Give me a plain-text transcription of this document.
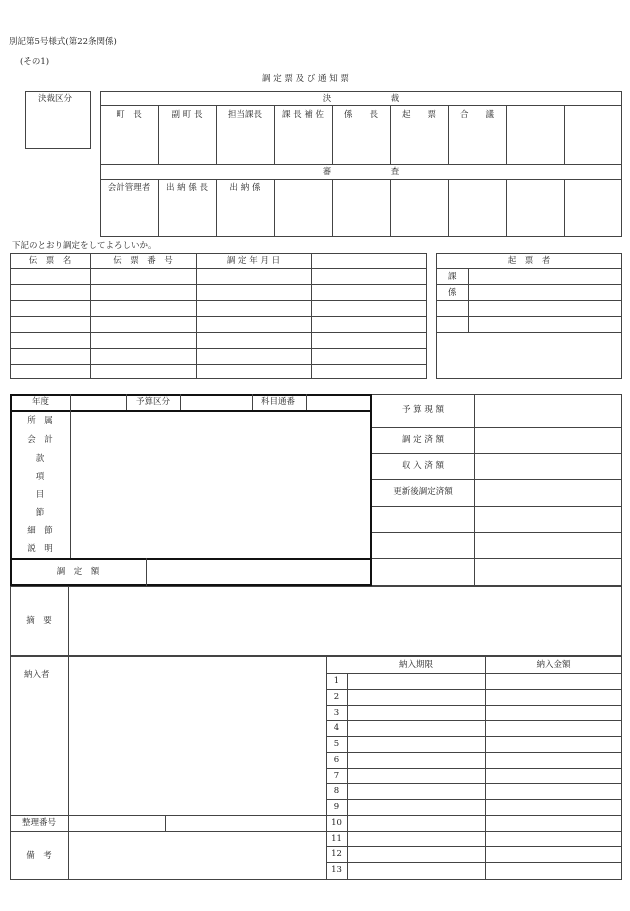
別記第5号様式(第22条関係)
(その1)
調 定 票 及 び 通 知 票
決裁区分	決　　　　　　　裁
町　長	副 町 長	担当課長	課 長 補 佐	係　　長	起　　票	合　　議
審　　　　　　　査
会計管理者	出 納 係 長	出 納 係
下記のとおり調定をしてよろしいか。
伝　票　名	伝　票　番　号	調 定 年 月 日	起　票　者
課
係
年度	予算区分	科目通番
所　属
会　計
款
項
目
節
細　節
説　明
調　定　額
予 算 現 額
調 定 済 額
収 入 済 額
更新後調定済額
摘　要
納入者
納入期限	納入金額
1
2
3
4
5
6
7
8
9
10
11
12
13
整理番号
備　考
